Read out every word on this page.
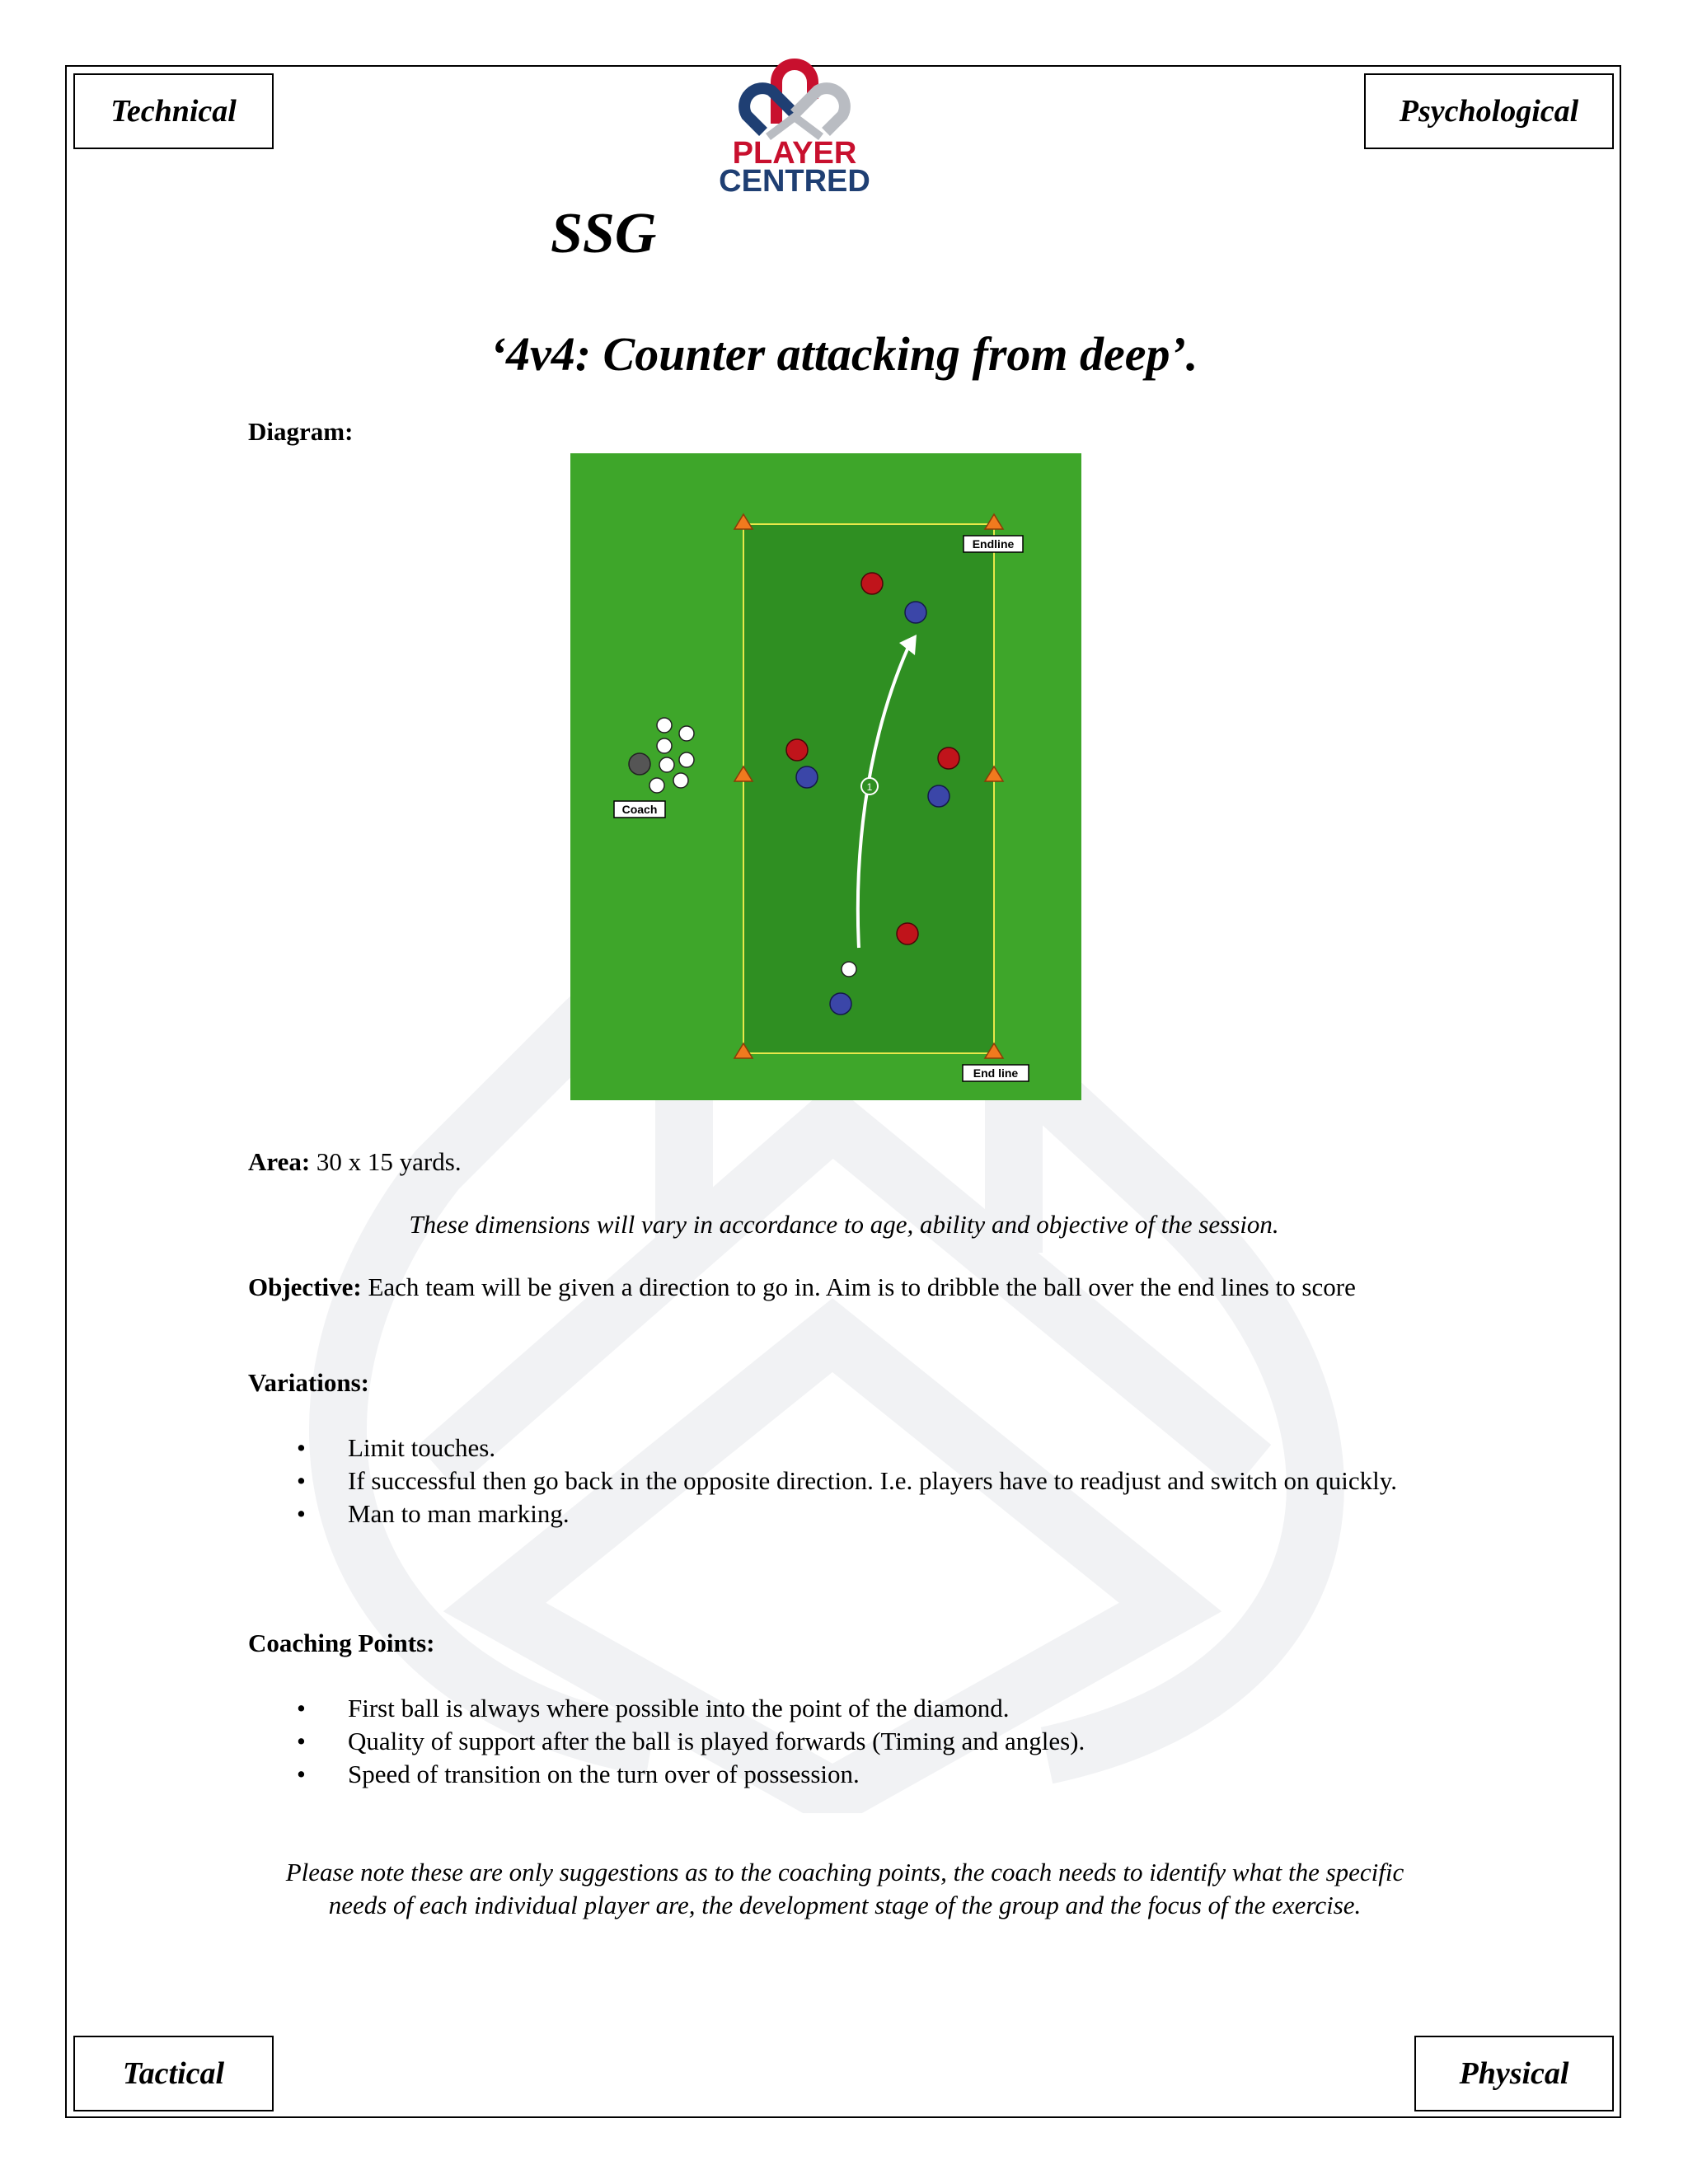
Technical	Psychological
Tactical	Physical
PLAYER
CENTRED
SSG
‘4v4: Counter attacking from deep’.
Diagram:
Endline
End line
Coach
1
Area: 30 x 15 yards.
These dimensions will vary in accordance to age, ability and objective of the session.
Objective: Each team will be given a direction to go in. Aim is to dribble the ball over the end lines to score
Variations:
• Limit touches.
• If successful then go back in the opposite direction. I.e. players have to readjust and switch on quickly.
• Man to man marking.
Coaching Points:
• First ball is always where possible into the point of the diamond.
• Quality of support after the ball is played forwards (Timing and angles).
• Speed of transition on the turn over of possession.
Please note these are only suggestions as to the coaching points, the coach needs to identify what the specific needs of each individual player are, the development stage of the group and the focus of the exercise.
